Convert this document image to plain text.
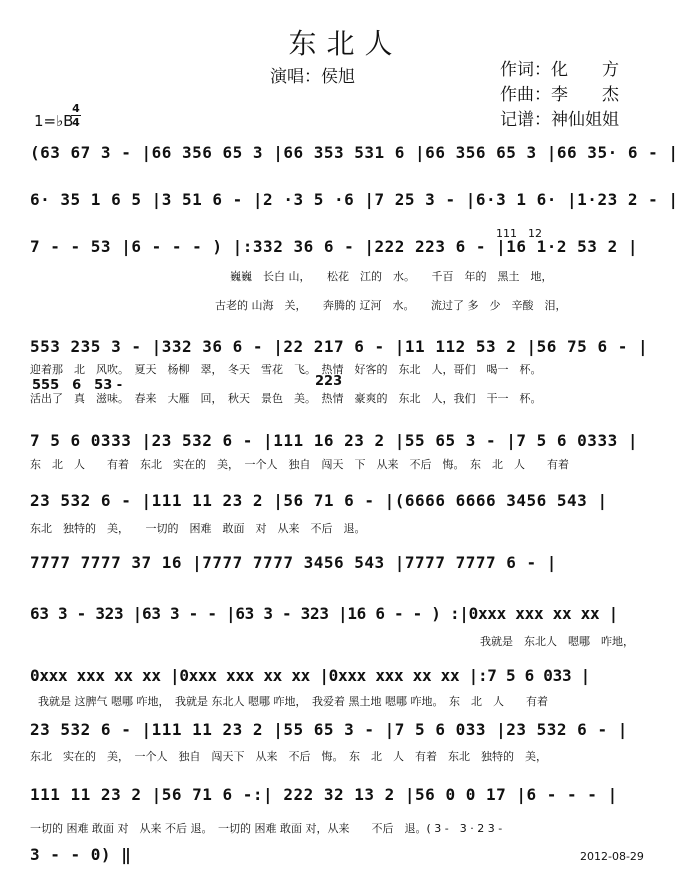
东北人
演唱：侯旭	作词：化　　方
作曲：李　　杰
记谱：神仙姐姐
1=♭B
4
4
(63 67 3 - |66 356 65 3 |66 353 531 6 |66 356 65 3 |66 35· 6 - |
6· 35 1 6 5 |3 51 6 - |2 ·3 5 ·6 |7 25 3 - |6·3 1 6· |1·23 2 - |
7 - - 53 |6 - - - ) |:332 36 6 - |222 223 6 - |16 1·2 53 2 |
111　12
巍巍　长白 山，　　松花　江的　水。　　千百　年的　黑土　地，
古老的 山海　关，　　奔腾的 辽河　水。　　流过了 多　少　辛酸　泪，
553 235 3 - |332 36 6 - |22 217 6 - |11 112 53 2 |56 75 6 - |
迎着那　北　风吹。　夏天　杨柳　翠，　冬天　雪花　飞。　热情　好客的　东北　人，哥们　喝一　杯。
555　6　53 -	223
活出了　真　滋味。　春来　大雁　回，　秋天　景色　美。　热情　豪爽的　东北　人，我们　干一　杯。
7 5 6 0333 |23 532 6 - |111 16 23 2 |55 65 3 - |7 5 6 0333 |
东　北　人　　有着　东北　实在的　美，　一个人　独自　闯天　下　从来　不后　悔。　东　北　人　　有着
23 532 6 - |111 11 23 2 |56 71 6 - |(6666 6666 3456 543 |
东北　独特的　美，　　一切的　困难　敢面　对　从来　不后　退。
7777 7777 37 16 |7777 7777 3456 543 |7777 7777 6 - |
63 3 - 323 |63 3 - - |63 3 - 323 |16 6 - - ) :|0xxx xxx xx xx |
我就是　东北人　嗯哪　咋地，
0xxx xxx xx xx |0xxx xxx xx xx |0xxx xxx xx xx |:7 5 6 033 |
我就是 这脾气 嗯哪 咋地，　我就是 东北人 嗯哪 咋地，　我爱着 黑土地 嗯哪 咋地。　东　北　人　　有着
23 532 6 - |111 11 23 2 |55 65 3 - |7 5 6 033 |23 532 6 - |
东北　实在的　美，　一个人　独自　闯天下　从来　不后　悔。　东　北　人　有着　东北　独特的　美，
111 11 23 2 |56 71 6 -:| 222 32 13 2 |56 0 0 17 |6 - - - |
一切的 困难 敢面 对　从来 不后 退。　一切的 困难 敢面 对，从来　　不后　退。( 3 -　3 · 2 3 -
3 - - 0) ‖	2012-08-29
